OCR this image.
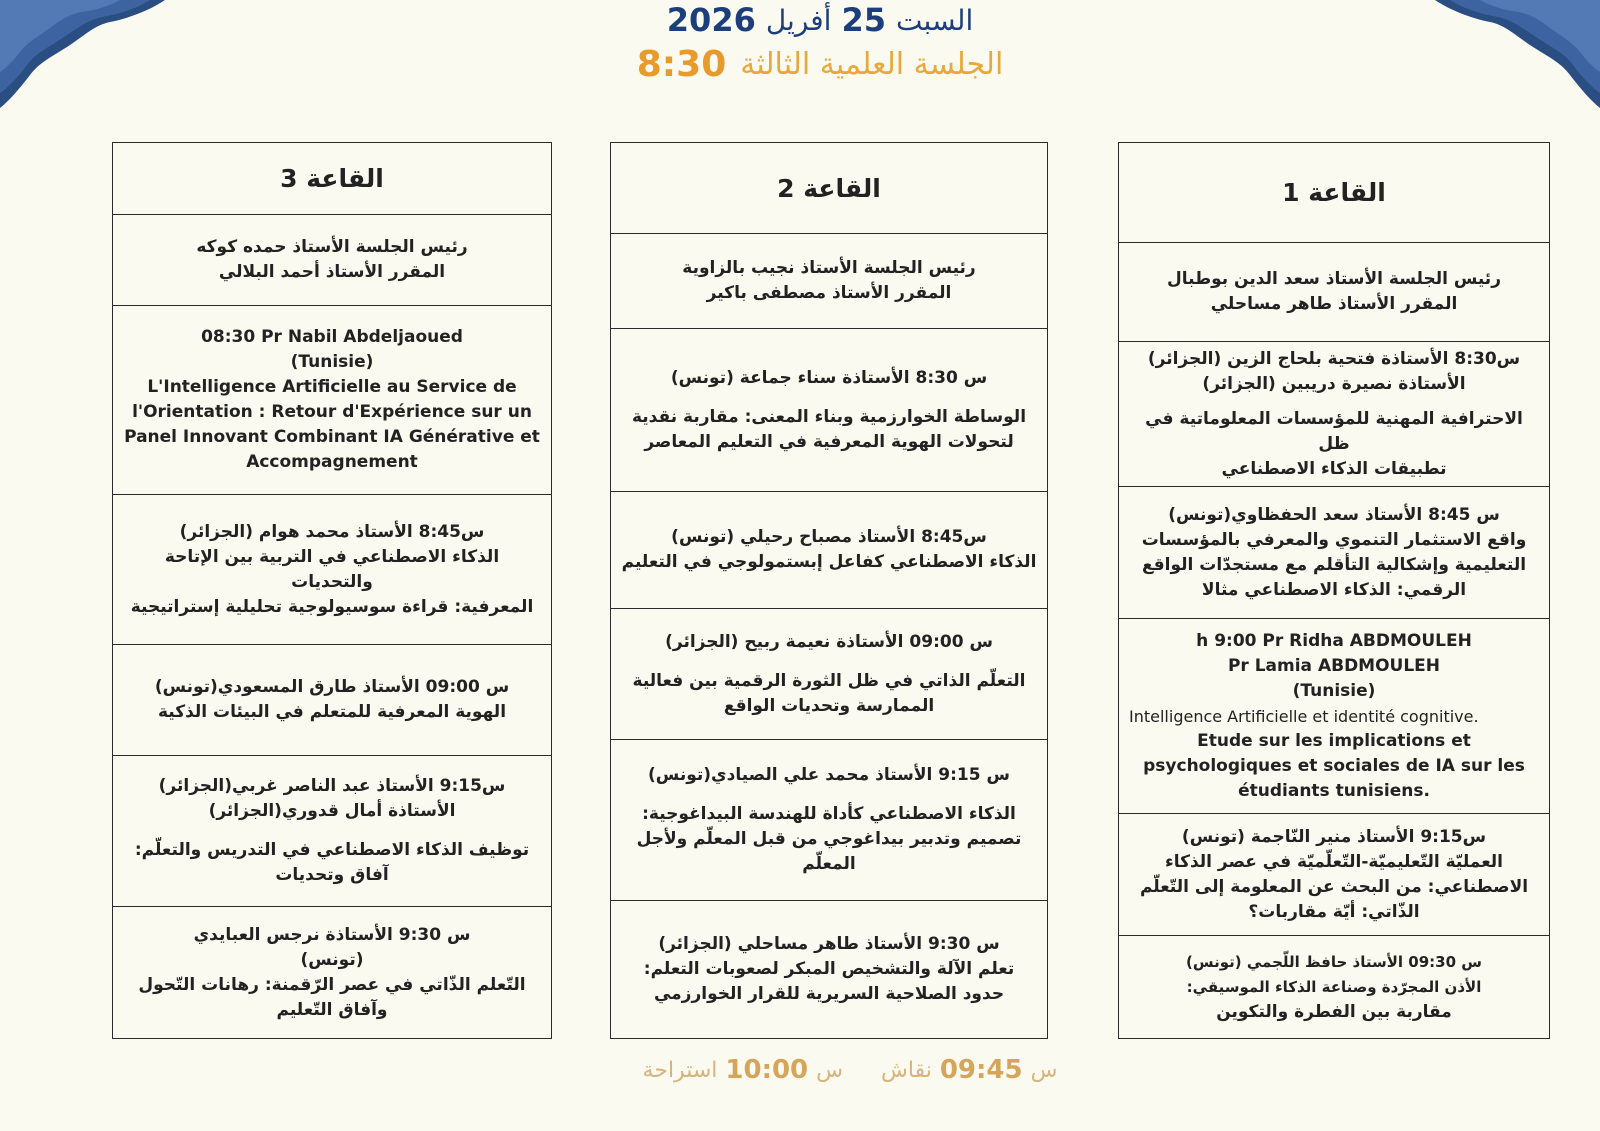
السبت
25
أفريل
2026
الجلسة العلمية الثالثة
8:30
القاعة 3
رئيس الجلسة الأستاذ حمده كوكه
المقرر الأستاذ أحمد البلالي
08:30 Pr Nabil Abdeljaoued
(Tunisie)
L'Intelligence Artificielle au Service de
l'Orientation : Retour d'Expérience sur un
Panel Innovant Combinant IA Générative et
Accompagnement
س8:45 الأستاذ محمد هوام (الجزائر)
الذكاء الاصطناعي في التربية بين الإتاحة والتحديات
المعرفية: قراءة سوسيولوجية تحليلية إستراتيجية
س 09:00 الأستاذ طارق المسعودي(تونس)
الهوية المعرفية للمتعلم في البيئات الذكية
س9:15 الأستاذ عبد الناصر غربي(الجزائر)
الأستاذة أمال قدوري(الجزائر)
توظيف الذكاء الاصطناعي في التدريس والتعلّم:
آفاق وتحديات
س 9:30 الأستاذة نرجس العبايدي
(تونس)
التّعلم الذّاتي في عصر الرّقمنة: رهانات التّحول
وآفاق التّعليم
القاعة 2
رئيس الجلسة الأستاذ نجيب بالزاوية
المقرر الأستاذ مصطفى باكير
س 8:30 الأستاذة سناء جماعة (تونس)
الوساطة الخوارزمية وبناء المعنى: مقاربة نقدية
لتحولات الهوية المعرفية في التعليم المعاصر
س8:45 الأستاذ مصباح رحيلي (تونس)
الذكاء الاصطناعي كفاعل إبستمولوجي في التعليم
س 09:00 الأستاذة نعيمة ربيح (الجزائر)
التعلّم الذاتي في ظل الثورة الرقمية بين فعالية
الممارسة وتحديات الواقع
س 9:15 الأستاذ محمد علي الصيادي(تونس)
الذكاء الاصطناعي كأداة للهندسة البيداغوجية:
تصميم وتدبير بيداغوجي من قبل المعلّم ولأجل
المعلّم
س 9:30 الأستاذ طاهر مساحلي (الجزائر)
تعلم الآلة والتشخيص المبكر لصعوبات التعلم:
حدود الصلاحية السريرية للقرار الخوارزمي
القاعة 1
رئيس الجلسة الأستاذ سعد الدين بوطبال
المقرر الأستاذ طاهر مساحلي
س8:30 الأستاذة فتحية بلحاج الزين (الجزائر)
الأستاذة نصيرة دريبين (الجزائر)
الاحترافية المهنية للمؤسسات المعلوماتية في ظل
تطبيقات الذكاء الاصطناعي
س 8:45 الأستاذ سعد الحفظاوي(تونس)
واقع الاستثمار التنموي والمعرفي بالمؤسسات
التعليمية وإشكالية التأقلم مع مستجدّات الواقع
الرقمي: الذكاء الاصطناعي مثالا
h 9:00 Pr Ridha ABDMOULEH
Pr Lamia ABDMOULEH
(Tunisie)
Intelligence Artificielle et identité cognitive.
Etude sur les implications et
psychologiques et sociales de IA sur les
étudiants tunisiens.
س9:15 الأستاذ منير النّاجمة (تونس)
العمليّة التّعليميّة-التّعلّميّة في عصر الذكاء
الاصطناعي: من البحث عن المعلومة إلى التّعلّم
الذّاتي: أيّة مقاربات؟
س 09:30 الأستاذ حافظ اللّجمي (تونس)
الأذن المجرّدة وصناعة الذكاء الموسيقي:
مقاربة بين الفطرة والتكوين
س
09:45
نقاش
س
10:00
استراحة
